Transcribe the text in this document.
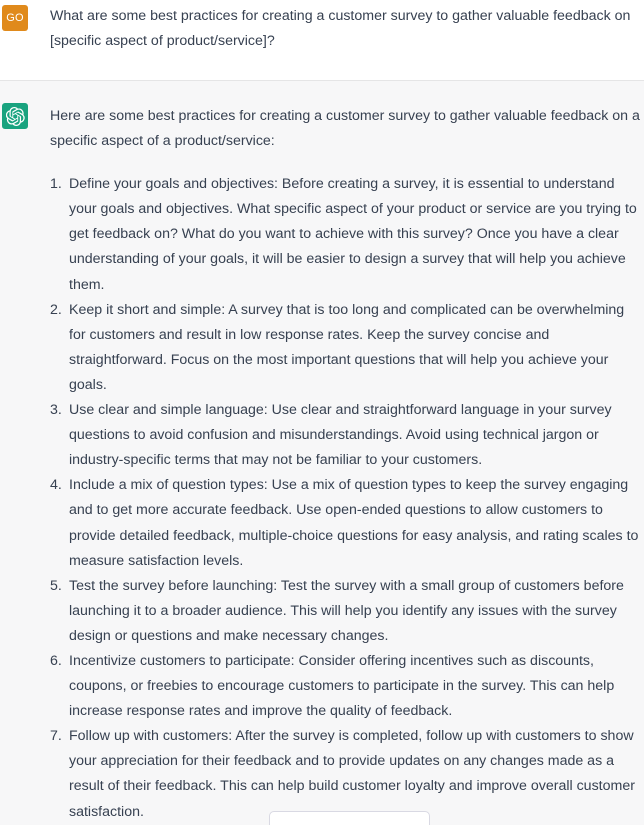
GO What are some best practices for creating a customer survey to gather valuable feedback on [specific aspect of product/service]?

Here are some best practices for creating a customer survey to gather valuable feedback on a specific aspect of a product/service:

1. Define your goals and objectives: Before creating a survey, it is essential to understand your goals and objectives. What specific aspect of your product or service are you trying to get feedback on? What do you want to achieve with this survey? Once you have a clear understanding of your goals, it will be easier to design a survey that will help you achieve them.
2. Keep it short and simple: A survey that is too long and complicated can be overwhelming for customers and result in low response rates. Keep the survey concise and straightforward. Focus on the most important questions that will help you achieve your goals.
3. Use clear and simple language: Use clear and straightforward language in your survey questions to avoid confusion and misunderstandings. Avoid using technical jargon or industry-specific terms that may not be familiar to your customers.
4. Include a mix of question types: Use a mix of question types to keep the survey engaging and to get more accurate feedback. Use open-ended questions to allow customers to provide detailed feedback, multiple-choice questions for easy analysis, and rating scales to measure satisfaction levels.
5. Test the survey before launching: Test the survey with a small group of customers before launching it to a broader audience. This will help you identify any issues with the survey design or questions and make necessary changes.
6. Incentivize customers to participate: Consider offering incentives such as discounts, coupons, or freebies to encourage customers to participate in the survey. This can help increase response rates and improve the quality of feedback.
7. Follow up with customers: After the survey is completed, follow up with customers to show your appreciation for their feedback and to provide updates on any changes made as a result of their feedback. This can help build customer loyalty and improve overall customer satisfaction.
